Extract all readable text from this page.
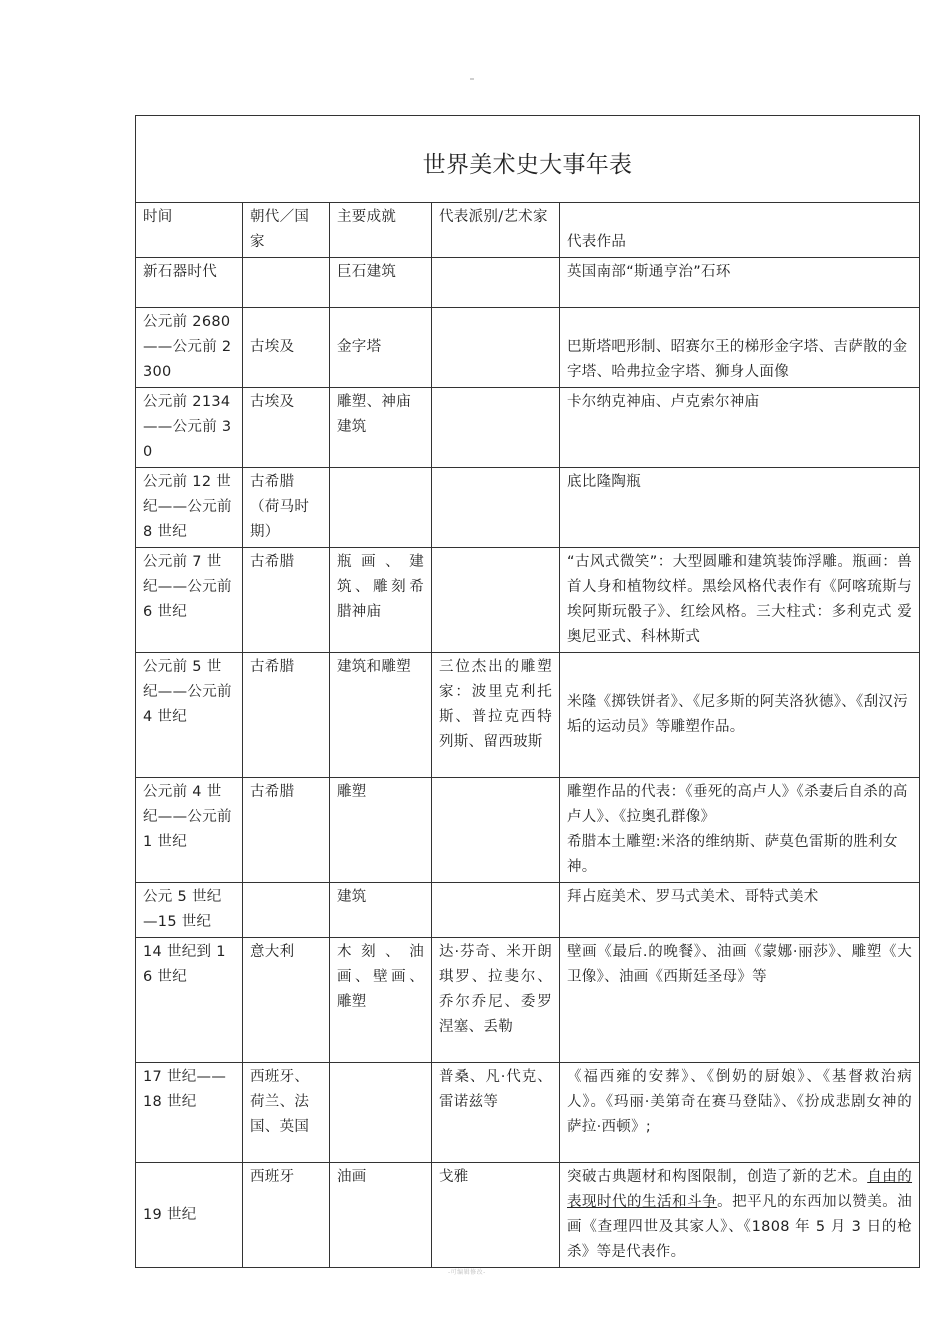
世界美术史大事年表				
时间	朝代／国家	主要成就	代表派别/艺术家	代表作品
新石器时代		巨石建筑		英国南部“斯通亨治”石环
公元前 2680——公元前 2300	古埃及	金字塔		巴斯塔吧形制、昭赛尔王的梯形金字塔、吉萨散的金字塔、哈弗拉金字塔、狮身人面像
公元前 2134——公元前 30	古埃及	雕塑、神庙建筑		卡尔纳克神庙、卢克索尔神庙
公元前 12 世纪——公元前 8 世纪	古希腊（荷马时期）			底比隆陶瓶
公元前 7 世纪——公元前 6 世纪	古希腊	瓶画、建筑、雕刻希腊神庙		“古风式微笑”：大型圆雕和建筑装饰浮雕。瓶画：兽首人身和植物纹样。黑绘风格代表作有《阿喀琉斯与埃阿斯玩骰子》、红绘风格。三大柱式：多利克式 爱奥尼亚式、科林斯式
公元前 5 世纪——公元前 4 世纪	古希腊	建筑和雕塑	三位杰出的雕塑家：波里克利托斯、普拉克西特列斯、留西玻斯	米隆《掷铁饼者》、《尼多斯的阿芙洛狄德》、《刮汉污垢的运动员》等雕塑作品。
公元前 4 世纪——公元前 1 世纪	古希腊	雕塑		雕塑作品的代表：《垂死的高卢人》《杀妻后自杀的高卢人》、《拉奥孔群像》
希腊本土雕塑:米洛的维纳斯、萨莫色雷斯的胜利女神。

公元 5 世纪—15 世纪		建筑		拜占庭美术、罗马式美术、哥特式美术
14 世纪到 16 世纪	意大利	木刻、油画、壁画、雕塑	达·芬奇、米开朗琪罗、拉斐尔、乔尔乔尼、委罗涅塞、丢勒	壁画《最后.的晚餐》、油画《蒙娜·丽莎》、雕塑《大卫像》、油画《西斯廷圣母》等
17 世纪——18 世纪	西班牙、荷兰、法国、英国		普桑、凡·代克、雷诺兹等	《福西雍的安葬》、《倒奶的厨娘》、《基督救治病人》。《玛丽·美第奇在赛马登陆》、《扮成悲剧女神的萨拉·西顿》;
19 世纪	西班牙	油画	戈雅	突破古典题材和构图限制，创造了新的艺术。自由的表现时代的生活和斗争。把平凡的东西加以赞美。油画《查理四世及其家人》、《1808 年 5 月 3 日的枪杀》等是代表作。
-可编辑修改-
